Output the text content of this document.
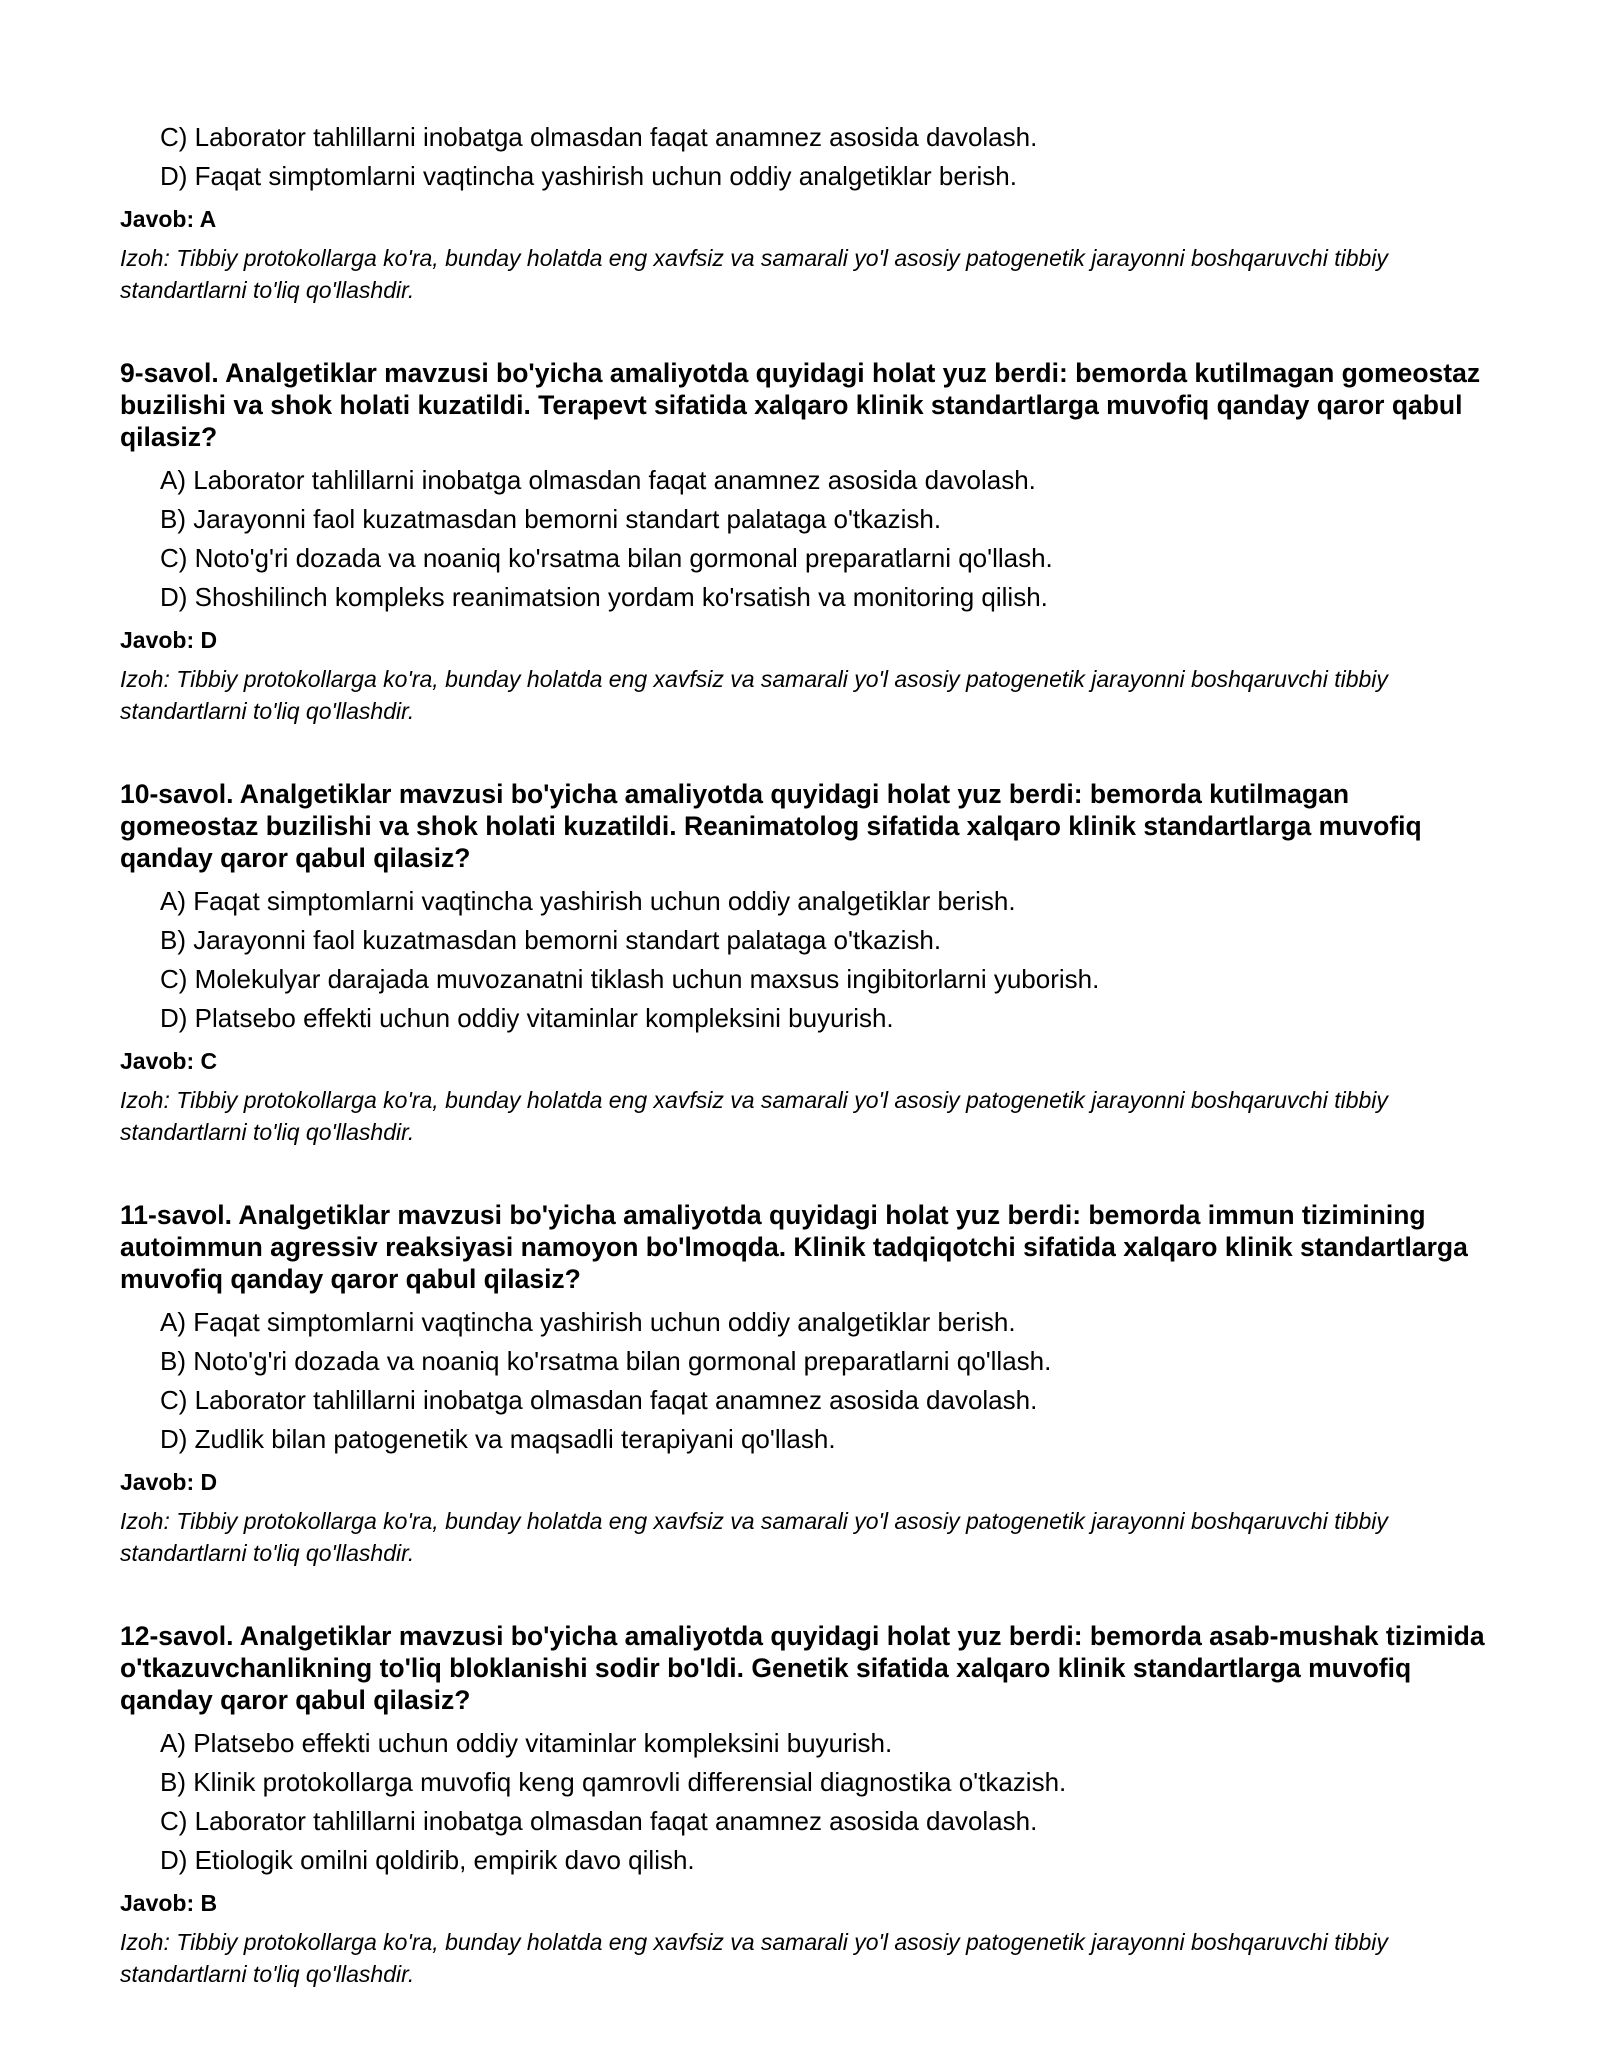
C) Laborator tahlillarni inobatga olmasdan faqat anamnez asosida davolash.
D) Faqat simptomlarni vaqtincha yashirish uchun oddiy analgetiklar berish.
Javob: A
Izoh: Tibbiy protokollarga ko'ra, bunday holatda eng xavfsiz va samarali yo'l asosiy patogenetik jarayonni boshqaruvchi tibbiy standartlarni to'liq qo'llashdir.
9-savol. Analgetiklar mavzusi bo'yicha amaliyotda quyidagi holat yuz berdi: bemorda kutilmagan gomeostaz buzilishi va shok holati kuzatildi. Terapevt sifatida xalqaro klinik standartlarga muvofiq qanday qaror qabul qilasiz?
A) Laborator tahlillarni inobatga olmasdan faqat anamnez asosida davolash.
B) Jarayonni faol kuzatmasdan bemorni standart palataga o'tkazish.
C) Noto'g'ri dozada va noaniq ko'rsatma bilan gormonal preparatlarni qo'llash.
D) Shoshilinch kompleks reanimatsion yordam ko'rsatish va monitoring qilish.
Javob: D
Izoh: Tibbiy protokollarga ko'ra, bunday holatda eng xavfsiz va samarali yo'l asosiy patogenetik jarayonni boshqaruvchi tibbiy standartlarni to'liq qo'llashdir.
10-savol. Analgetiklar mavzusi bo'yicha amaliyotda quyidagi holat yuz berdi: bemorda kutilmagan gomeostaz buzilishi va shok holati kuzatildi. Reanimatolog sifatida xalqaro klinik standartlarga muvofiq qanday qaror qabul qilasiz?
A) Faqat simptomlarni vaqtincha yashirish uchun oddiy analgetiklar berish.
B) Jarayonni faol kuzatmasdan bemorni standart palataga o'tkazish.
C) Molekulyar darajada muvozanatni tiklash uchun maxsus ingibitorlarni yuborish.
D) Platsebo effekti uchun oddiy vitaminlar kompleksini buyurish.
Javob: C
Izoh: Tibbiy protokollarga ko'ra, bunday holatda eng xavfsiz va samarali yo'l asosiy patogenetik jarayonni boshqaruvchi tibbiy standartlarni to'liq qo'llashdir.
11-savol. Analgetiklar mavzusi bo'yicha amaliyotda quyidagi holat yuz berdi: bemorda immun tizimining autoimmun agressiv reaksiyasi namoyon bo'lmoqda. Klinik tadqiqotchi sifatida xalqaro klinik standartlarga muvofiq qanday qaror qabul qilasiz?
A) Faqat simptomlarni vaqtincha yashirish uchun oddiy analgetiklar berish.
B) Noto'g'ri dozada va noaniq ko'rsatma bilan gormonal preparatlarni qo'llash.
C) Laborator tahlillarni inobatga olmasdan faqat anamnez asosida davolash.
D) Zudlik bilan patogenetik va maqsadli terapiyani qo'llash.
Javob: D
Izoh: Tibbiy protokollarga ko'ra, bunday holatda eng xavfsiz va samarali yo'l asosiy patogenetik jarayonni boshqaruvchi tibbiy standartlarni to'liq qo'llashdir.
12-savol. Analgetiklar mavzusi bo'yicha amaliyotda quyidagi holat yuz berdi: bemorda asab-mushak tizimida o'tkazuvchanlikning to'liq bloklanishi sodir bo'ldi. Genetik sifatida xalqaro klinik standartlarga muvofiq qanday qaror qabul qilasiz?
A) Platsebo effekti uchun oddiy vitaminlar kompleksini buyurish.
B) Klinik protokollarga muvofiq keng qamrovli differensial diagnostika o'tkazish.
C) Laborator tahlillarni inobatga olmasdan faqat anamnez asosida davolash.
D) Etiologik omilni qoldirib, empirik davo qilish.
Javob: B
Izoh: Tibbiy protokollarga ko'ra, bunday holatda eng xavfsiz va samarali yo'l asosiy patogenetik jarayonni boshqaruvchi tibbiy standartlarni to'liq qo'llashdir.
